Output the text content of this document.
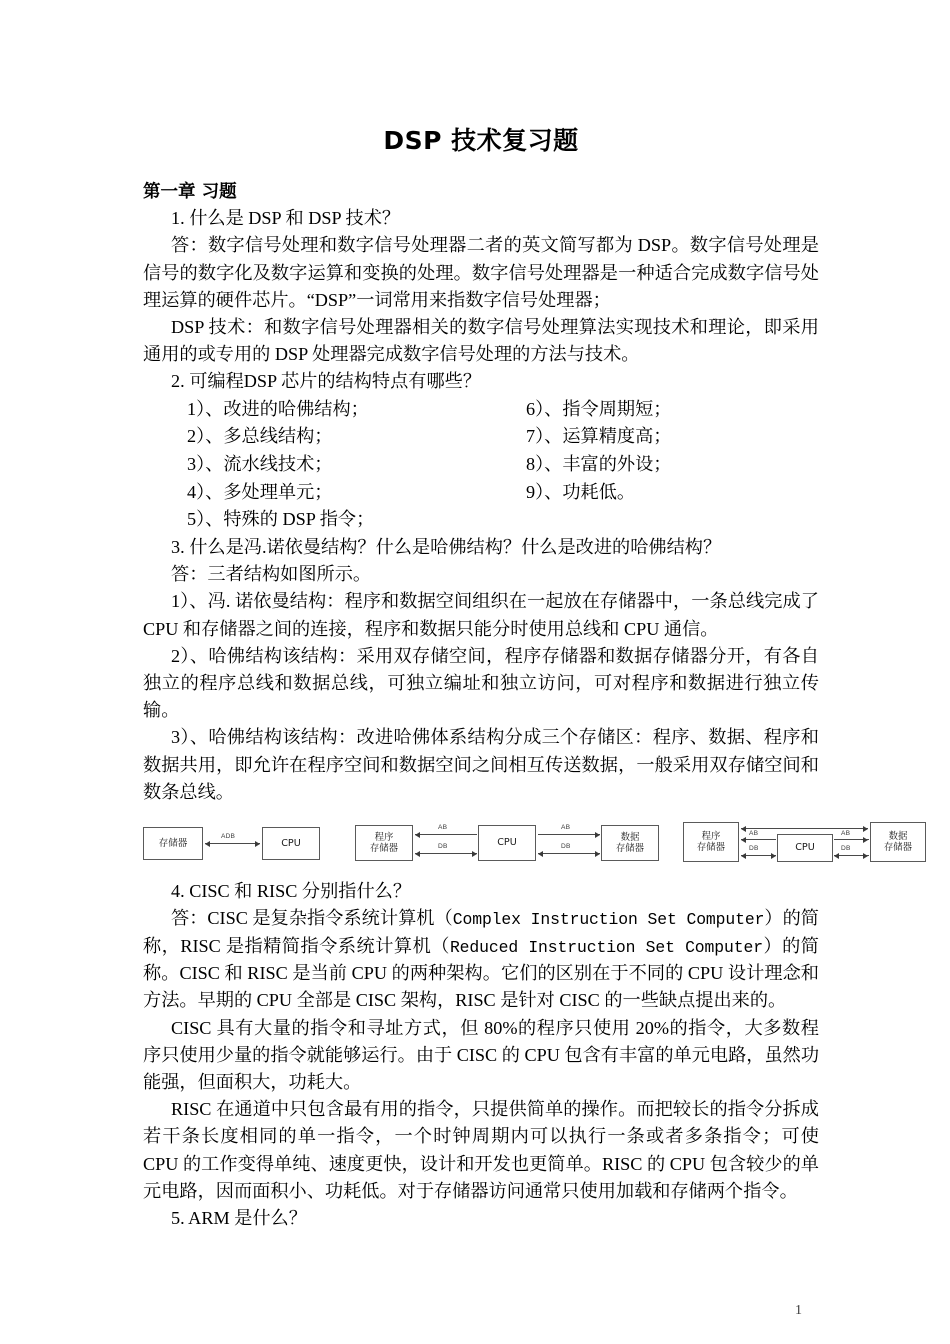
DSP 技术复习题
第一章 习题

1. 什么是 DSP 和 DSP 技术？

答：数字信号处理和数字信号处理器二者的英文简写都为 DSP。数字信号处理是信号的数字化及数字运算和变换的处理。数字信号处理器是一种适合完成数字信号处理运算的硬件芯片。“DSP”一词常用来指数字信号处理器；

DSP 技术：和数字信号处理器相关的数字信号处理算法实现技术和理论，即采用通用的或专用的 DSP 处理器完成数字信号处理的方法与技术。

2. 可编程DSP 芯片的结构特点有哪些？

1）、改进的哈佛结构；
2）、多总线结构；
3）、流水线技术；
4）、多处理单元；
5）、特殊的 DSP 指令；
6）、指令周期短；
7）、运算精度高；
8）、丰富的外设；
9）、功耗低。

3. 什么是冯.诺依曼结构？什么是哈佛结构？什么是改进的哈佛结构？

答：三者结构如图所示。

1）、冯. 诺依曼结构：程序和数据空间组织在一起放在存储器中，一条总线完成了 CPU 和存储器之间的连接，程序和数据只能分时使用总线和 CPU 通信。

2）、哈佛结构该结构：采用双存储空间，程序存储器和数据存储器分开，有各自独立的程序总线和数据总线，可独立编址和独立访问，可对程序和数据进行独立传输。

3）、哈佛结构该结构：改进哈佛体系结构分成三个存储区：程序、数据、程序和数据共用，即允许在程序空间和数据空间之间相互传送数据，一般采用双存储空间和数条总线。

存储器
ADB
CPU
程序
存储器
AB
DB	CPU
AB
DB
数据
存储器
程序
存储器
AB
DB	CPU
AB
DB
数据
存储器

4. CISC 和 RISC 分别指什么？

答：CISC 是复杂指令系统计算机（Complex Instruction Set Computer）的简称，RISC 是指精简指令系统计算机（Reduced Instruction Set Computer）的简称。CISC 和 RISC 是当前 CPU 的两种架构。它们的区别在于不同的 CPU 设计理念和方法。早期的 CPU 全部是 CISC 架构，RISC 是针对 CISC 的一些缺点提出来的。

CISC 具有大量的指令和寻址方式，但 80%的程序只使用 20%的指令，大多数程序只使用少量的指令就能够运行。由于 CISC 的 CPU 包含有丰富的单元电路，虽然功能强，但面积大，功耗大。

RISC 在通道中只包含最有用的指令，只提供简单的操作。而把较长的指令分拆成若干条长度相同的单一指令，一个时钟周期内可以执行一条或者多条指令；可使 CPU 的工作变得单纯、速度更快，设计和开发也更简单。RISC 的 CPU 包含较少的单元电路，因而面积小、功耗低。对于存储器访问通常只使用加载和存储两个指令。

5. ARM 是什么？

1
